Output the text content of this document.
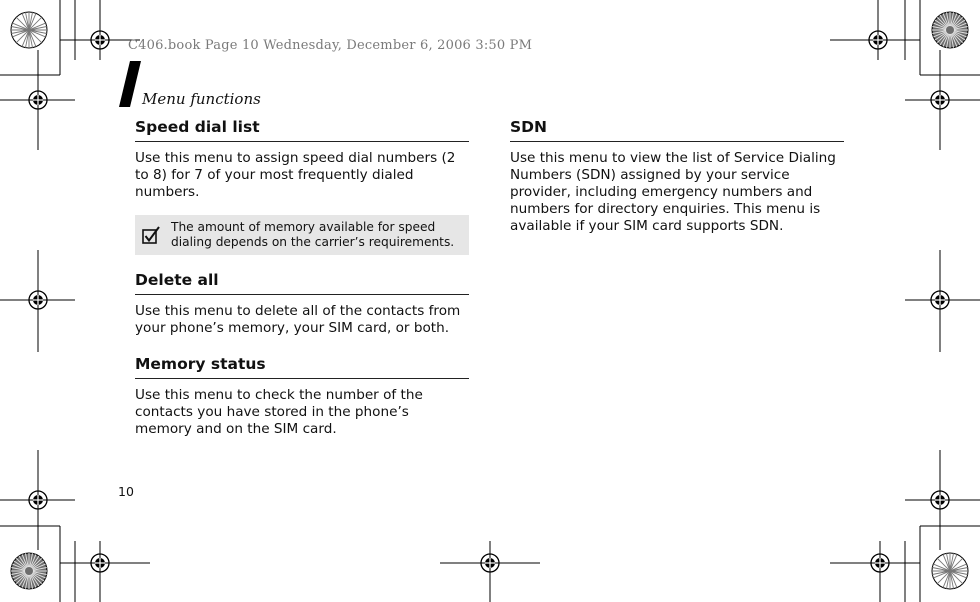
C406.book Page 10 Wednesday, December 6, 2006 3:50 PM

Menu functions

Speed dial list

Use this menu to assign speed dial numbers (2 to 8) for 7 of your most frequently dialed numbers.

The amount of memory available for speed dialing depends on the carrier’s requirements.

Delete all

Use this menu to delete all of the contacts from your phone’s memory, your SIM card, or both.

Memory status

Use this menu to check the number of the contacts you have stored in the phone’s memory and on the SIM card.

SDN

Use this menu to view the list of Service Dialing Numbers (SDN) assigned by your service provider, including emergency numbers and numbers for directory enquiries. This menu is available if your SIM card supports SDN.

10
